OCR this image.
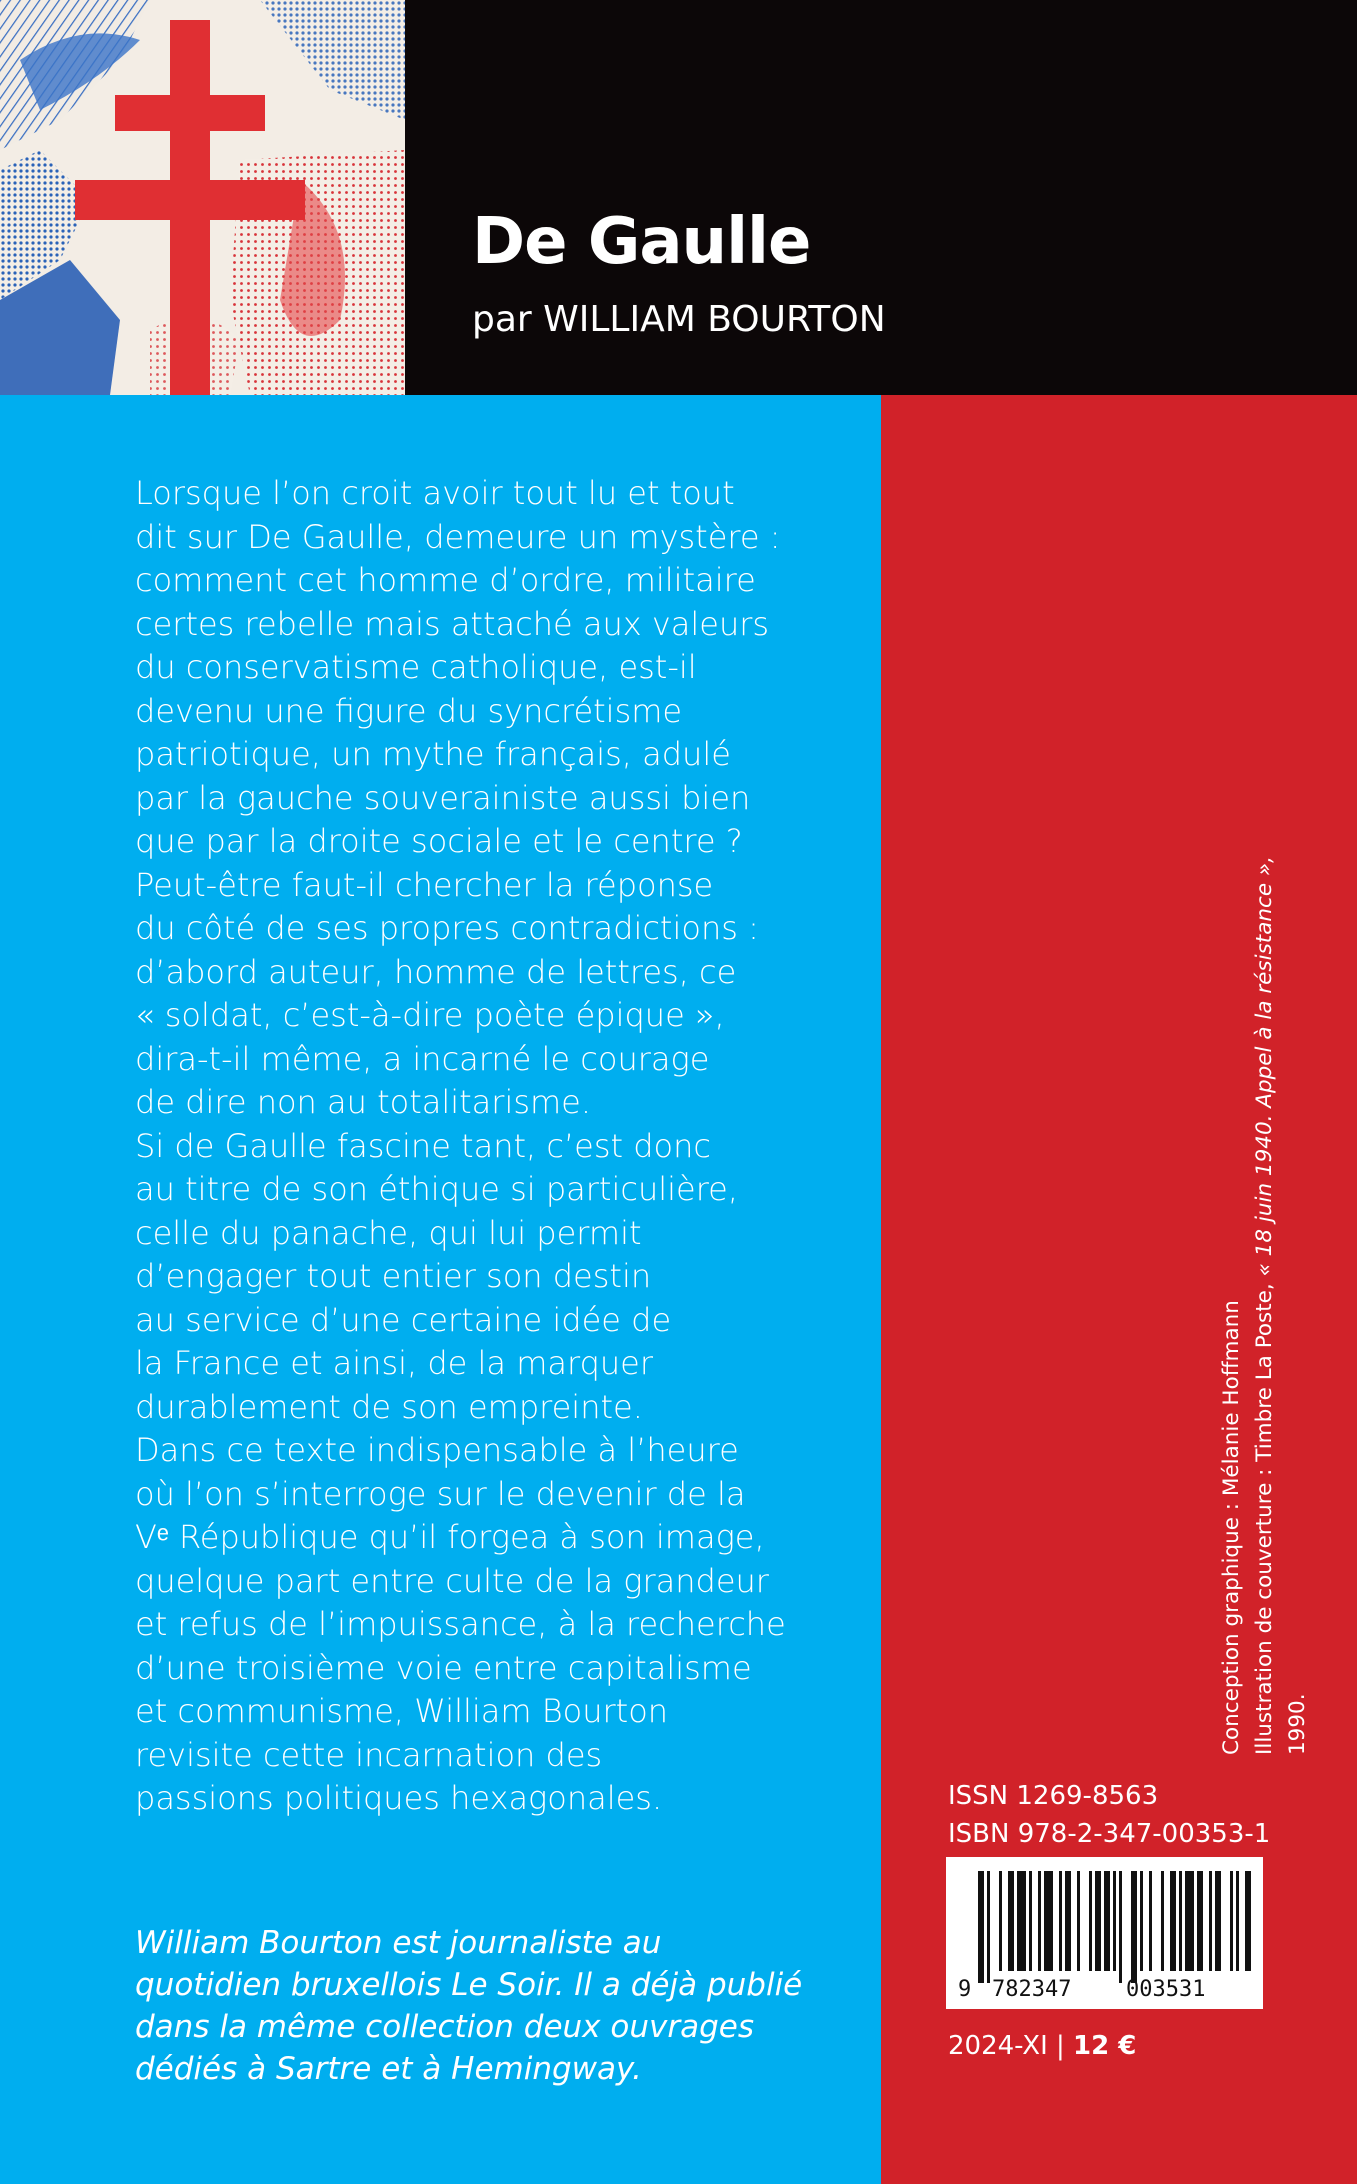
De Gaulle
par WILLIAM BOURTON

Lorsque l’on croit avoir tout lu et tout

dit sur De Gaulle, demeure un mystère :

comment cet homme d’ordre, militaire

certes rebelle mais attaché aux valeurs

du conservatisme catholique, est-il

devenu une figure du syncrétisme

patriotique, un mythe français, adulé

par la gauche souverainiste aussi bien

que par la droite sociale et le centre ?

Peut-être faut-il chercher la réponse

du côté de ses propres contradictions :

d’abord auteur, homme de lettres, ce

« soldat, c’est-à-dire poète épique »,

dira-t-il même, a incarné le courage

de dire non au totalitarisme.

Si de Gaulle fascine tant, c’est donc

au titre de son éthique si particulière,

celle du panache, qui lui permit

d’engager tout entier son destin

au service d’une certaine idée de

la France et ainsi, de la marquer

durablement de son empreinte.

Dans ce texte indispensable à l’heure

où l’on s’interroge sur le devenir de la

Vᵉ République qu’il forgea à son image,

quelque part entre culte de la grandeur

et refus de l’impuissance, à la recherche

d’une troisième voie entre capitalisme

et communisme, William Bourton

revisite cette incarnation des

passions politiques hexagonales.

William Bourton est journaliste au

quotidien bruxellois Le Soir. Il a déjà publié

dans la même collection deux ouvrages

dédiés à Sartre et à Hemingway.

Conception graphique : Mélanie Hoffmann Illustration de couverture : Timbre La Poste, « 18 juin 1940. Appel à la résistance »,

1990.

ISSN 1269-8563

ISBN 978-2-347-00353-1

9 782347 003531
2024-XI | 12 €
